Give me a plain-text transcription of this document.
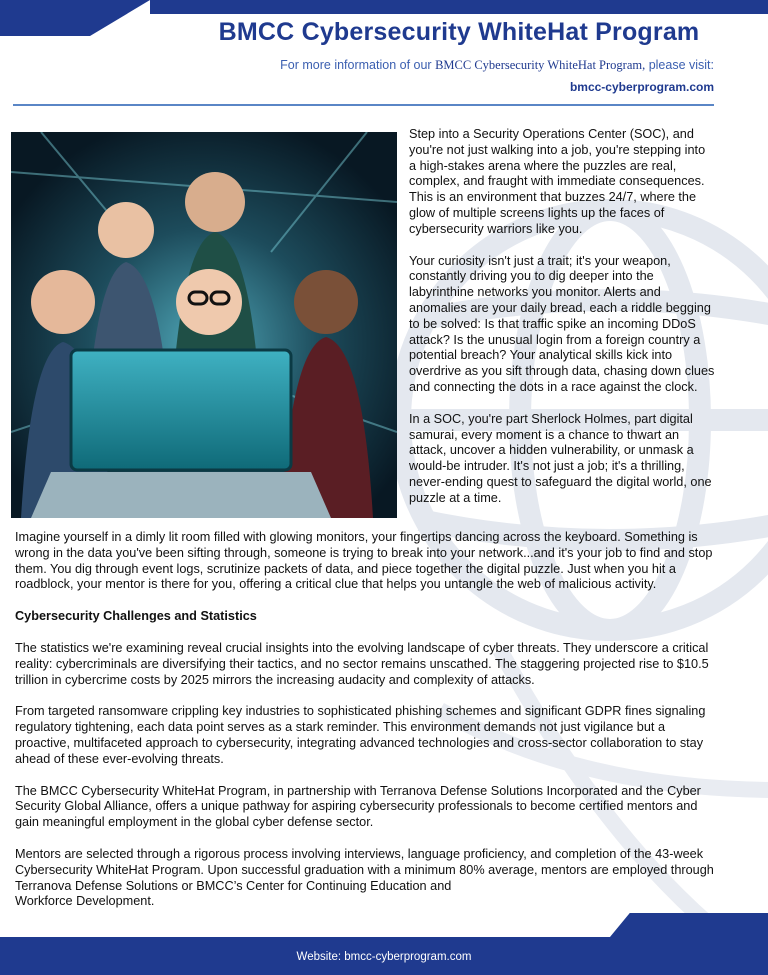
BMCC Cybersecurity WhiteHat Program
For more information of our BMCC Cybersecurity WhiteHat Program, please visit:
bmcc-cyberprogram.com

Step into a Security Operations Center (SOC), and you're not just walking into a job, you're stepping into a high-stakes arena where the puzzles are real, complex, and fraught with immediate consequences. This is an environment that buzzes 24/7, where the glow of multiple screens lights up the faces of cybersecurity warriors like you.

Your curiosity isn't just a trait; it's your weapon, constantly driving you to dig deeper into the labyrinthine networks you monitor. Alerts and anomalies are your daily bread, each a riddle begging to be solved: Is that traffic spike an incoming DDoS attack? Is the unusual login from a foreign country a potential breach? Your analytical skills kick into overdrive as you sift through data, chasing down clues and connecting the dots in a race against the clock.

In a SOC, you're part Sherlock Holmes, part digital samurai, every moment is a chance to thwart an attack, uncover a hidden vulnerability, or unmask a would-be intruder. It's not just a job; it's a thrilling, never-ending quest to safeguard the digital world, one puzzle at a time.

Imagine yourself in a dimly lit room filled with glowing monitors, your fingertips dancing across the keyboard. Something is wrong in the data you've been sifting through, someone is trying to break into your network...and it's your job to find and stop them. You dig through event logs, scrutinize packets of data, and piece together the digital puzzle. Just when you hit a roadblock, your mentor is there for you, offering a critical clue that helps you untangle the web of malicious activity.

Cybersecurity Challenges and Statistics

The statistics we're examining reveal crucial insights into the evolving landscape of cyber threats. They underscore a critical reality: cybercriminals are diversifying their tactics, and no sector remains unscathed. The staggering projected rise to $10.5 trillion in cybercrime costs by 2025 mirrors the increasing audacity and complexity of attacks.

From targeted ransomware crippling key industries to sophisticated phishing schemes and significant GDPR fines signaling regulatory tightening, each data point serves as a stark reminder. This environment demands not just vigilance but a proactive, multifaceted approach to cybersecurity, integrating advanced technologies and cross-sector collaboration to stay ahead of these ever-evolving threats.

The BMCC Cybersecurity WhiteHat Program, in partnership with Terranova Defense Solutions Incorporated and the Cyber Security Global Alliance, offers a unique pathway for aspiring cybersecurity professionals to become certified mentors and gain meaningful employment in the global cyber defense sector.

Mentors are selected through a rigorous process involving interviews, language proficiency, and completion of the 43-week Cybersecurity WhiteHat Program. Upon successful graduation with a minimum 80% average, mentors are employed through Terranova Defense Solutions or BMCC’s Center for Continuing Education and
Workforce Development.

Website: bmcc-cyberprogram.com
